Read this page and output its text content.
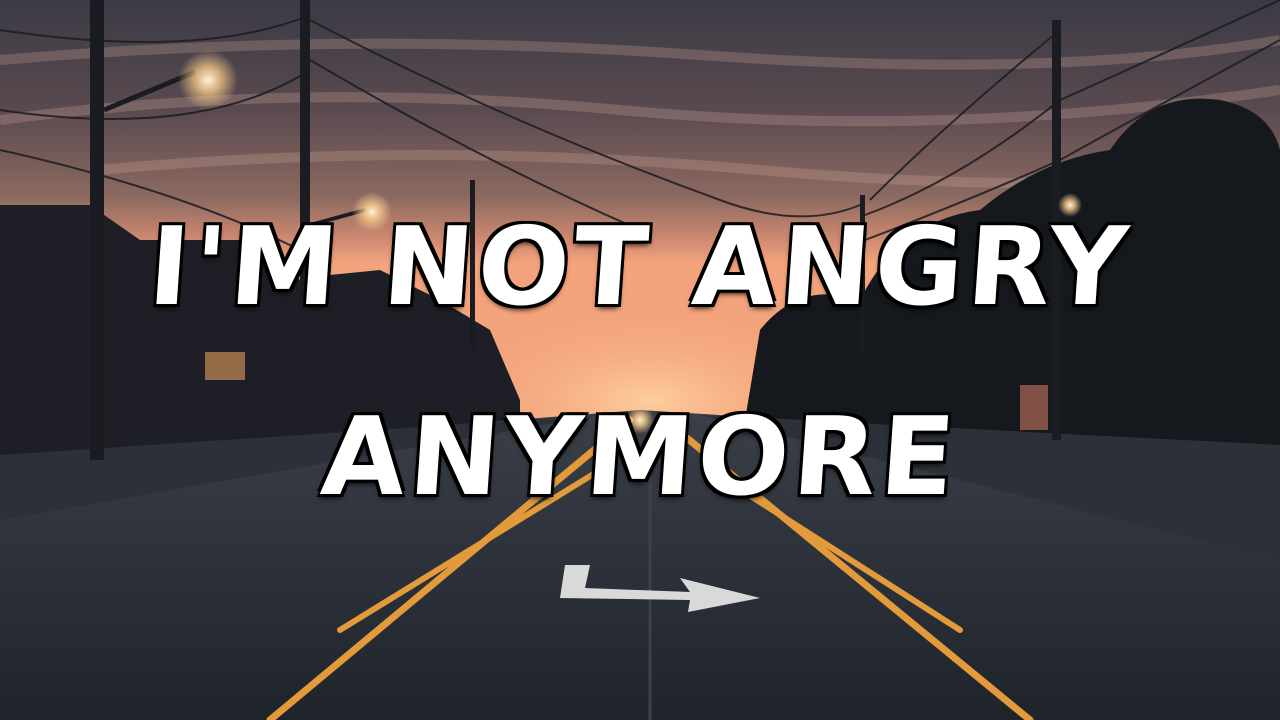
I'M NOT ANGRY
ANYMORE
